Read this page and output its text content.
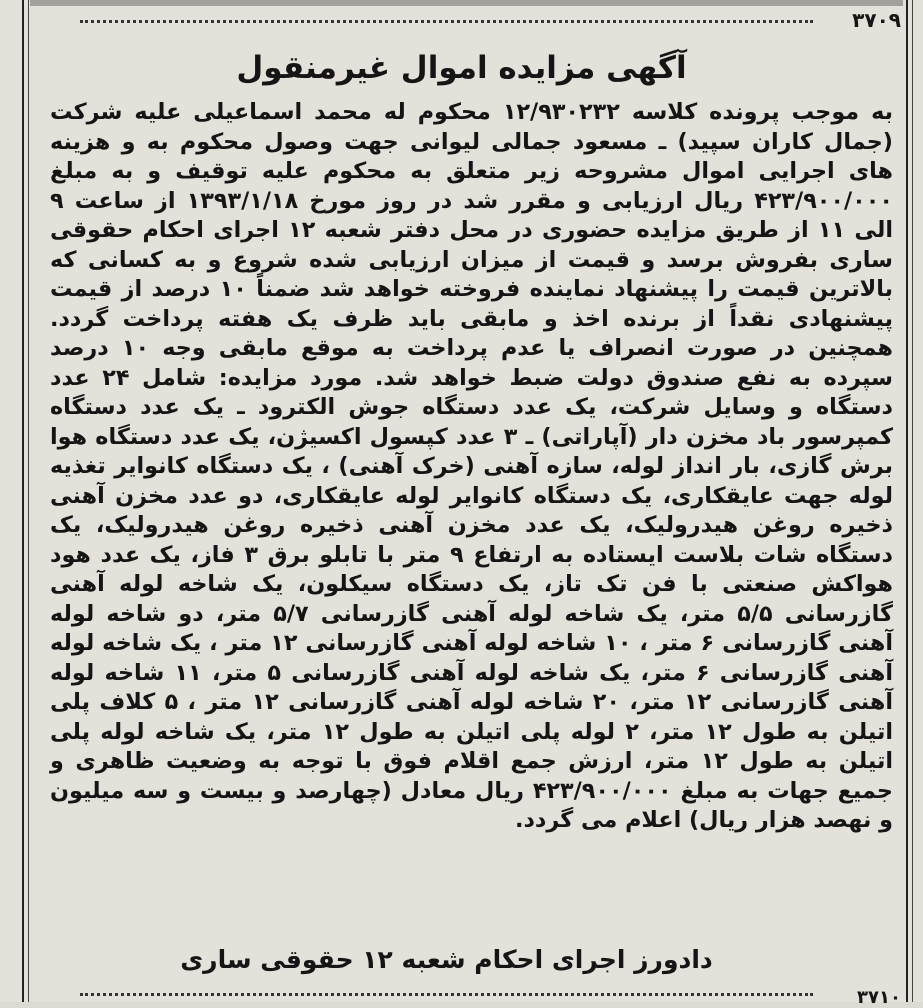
۳۷۰۹
آگهی مزایده اموال غیرمنقول

به موجب پرونده کلاسه ۱۲/۹۳۰۲۳۲ محکوم له محمد اسماعیلی علیه شرکت (جمال کاران سپید) ـ مسعود جمالی لیوانی جهت وصول محکوم به و هزینه های اجرایی اموال مشروحه زیر متعلق به محکوم علیه توقیف و به مبلغ ۴۲۳/۹۰۰/۰۰۰ ریال ارزیابی و مقرر شد در روز مورخ ۱۳۹۳/۱/۱۸ از ساعت ۹ الی ۱۱ از طریق مزایده حضوری در محل دفتر شعبه ۱۲ اجرای احکام حقوقی ساری بفروش برسد و قیمت از میزان ارزیابی شده شروع و به کسانی که بالاترین قیمت را پیشنهاد نماینده فروخته خواهد شد ضمناً ۱۰ درصد از قیمت پیشنهادی نقداً از برنده اخذ و مابقی باید ظرف یک هفته پرداخت گردد. همچنین در صورت انصراف یا عدم پرداخت به موقع مابقی وجه ۱۰ درصد سپرده به نفع صندوق دولت ضبط خواهد شد. مورد مزایده: شامل ۲۴ عدد دستگاه و وسایل شرکت، یک عدد دستگاه جوش الکترود ـ یک عدد دستگاه کمپرسور باد مخزن دار (آپاراتی) ـ ۳ عدد کپسول اکسیژن، یک عدد دستگاه هوا برش گازی، بار انداز لوله، سازه آهنی (خرک آهنی) ، یک دستگاه کانوایر تغذیه لوله جهت عایقکاری، یک دستگاه کانوایر لوله عایقکاری، دو عدد مخزن آهنی ذخیره روغن هیدرولیک، یک عدد مخزن آهنی ذخیره روغن هیدرولیک، یک دستگاه شات بلاست ایستاده به ارتفاع ۹ متر با تابلو برق ۳ فاز، یک عدد هود هواکش صنعتی با فن تک تاز، یک دستگاه سیکلون، یک شاخه لوله آهنی گازرسانی ۵/۵ متر، یک شاخه لوله آهنی گازرسانی ۵/۷ متر، دو شاخه لوله آهنی گازرسانی ۶ متر ، ۱۰ شاخه لوله آهنی گازرسانی ۱۲ متر ، یک شاخه لوله آهنی گازرسانی ۶ متر، یک شاخه لوله آهنی گازرسانی ۵ متر، ۱۱ شاخه لوله آهنی گازرسانی ۱۲ متر، ۲۰ شاخه لوله آهنی گازرسانی ۱۲ متر ، ۵ کلاف پلی اتیلن به طول ۱۲ متر، ۲ لوله پلی اتیلن به طول ۱۲ متر، یک شاخه لوله پلی اتیلن به طول ۱۲ متر، ارزش جمع اقلام فوق با توجه به وضعیت ظاهری و جمیع جهات به مبلغ ۴۲۳/۹۰۰/۰۰۰ ریال معادل (چهارصد و بیست و سه میلیون و نهصد هزار ریال) اعلام می گردد.

دادورز اجرای احکام شعبه ۱۲ حقوقی ساری
۳۷۱۰
